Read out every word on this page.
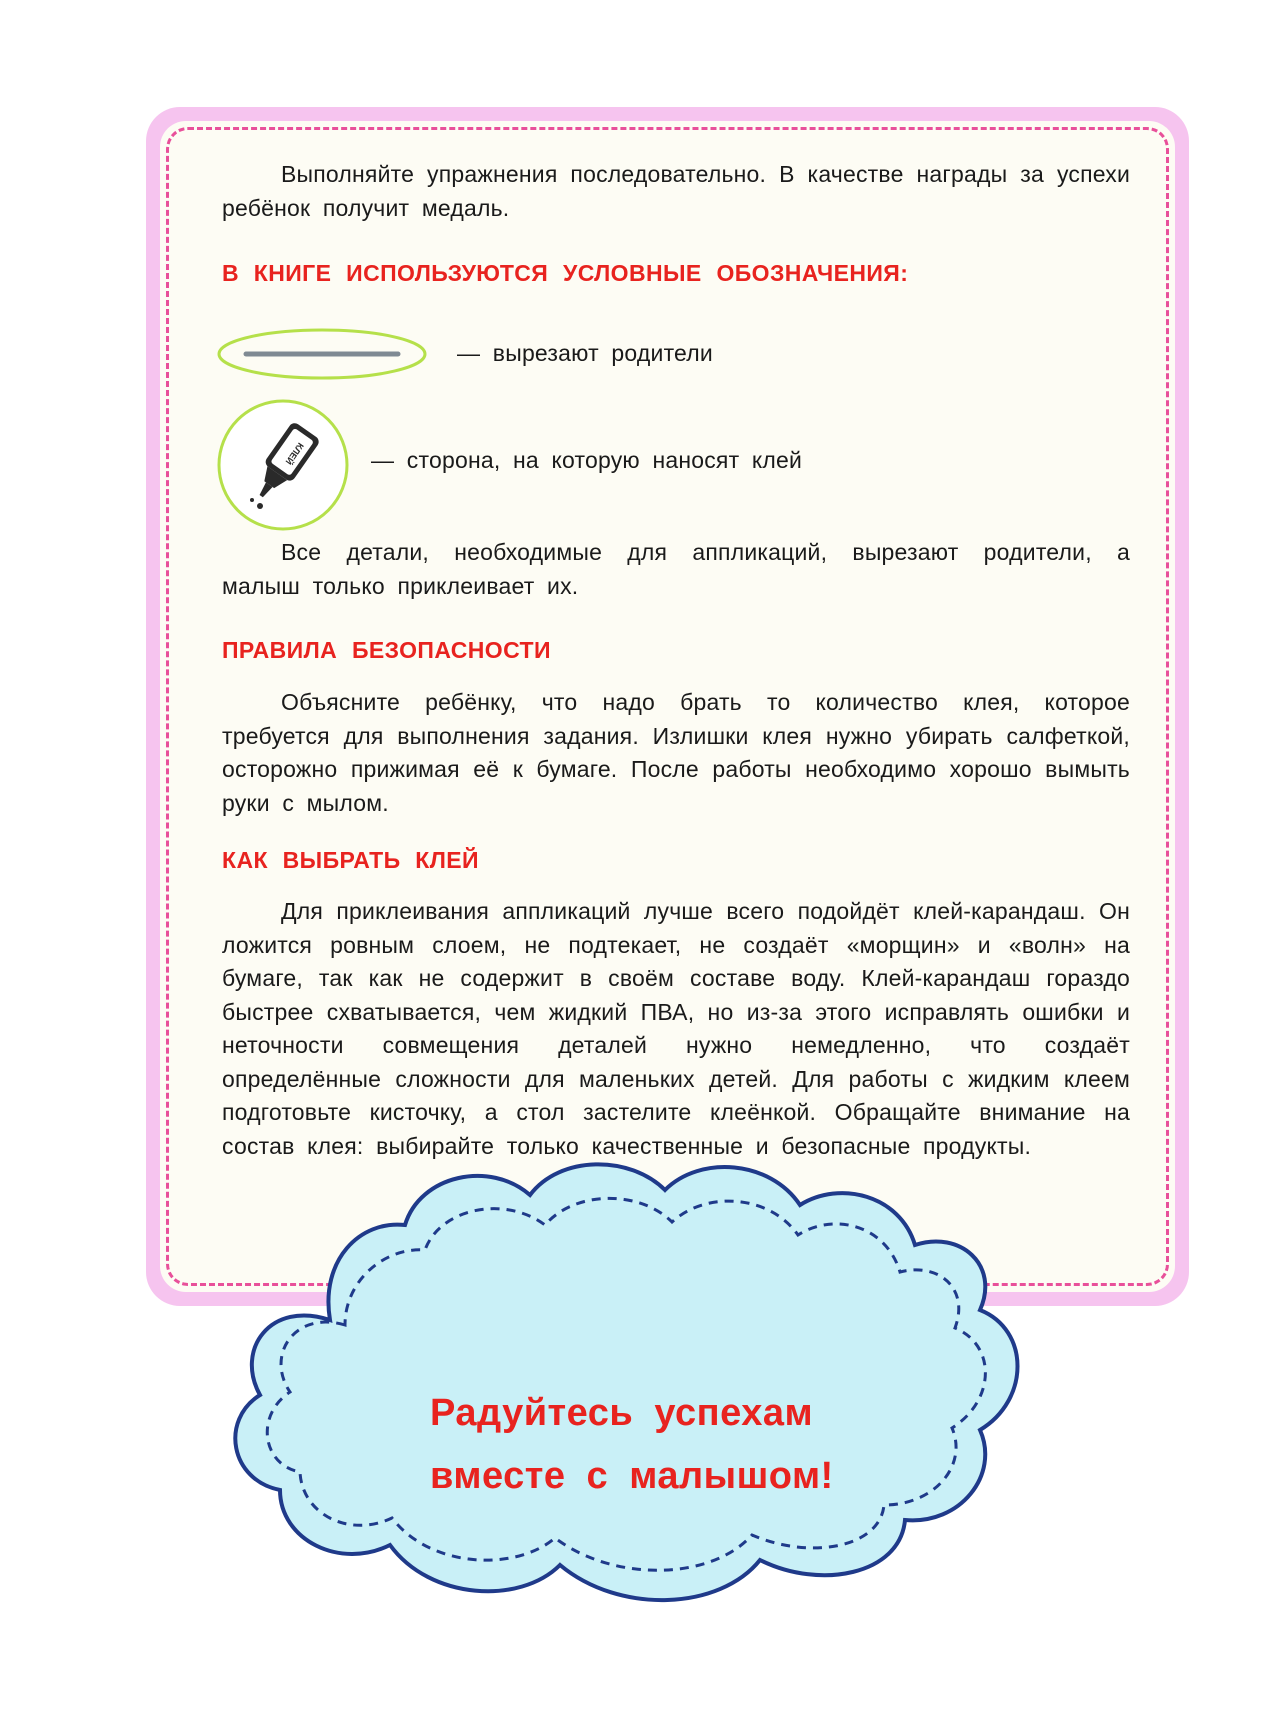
Выполняйте упражнения последовательно. В качестве награды за успехи ребёнок получит медаль.

В КНИГЕ ИСПОЛЬЗУЮТСЯ УСЛОВНЫЕ ОБОЗНАЧЕНИЯ:
— вырезают родители
КЛЕЙ	— сторона, на которую наносят клей

Все детали, необходимые для аппликаций, вырезают родители, а малыш только приклеивает их.

ПРАВИЛА БЕЗОПАСНОСТИ

Объясните ребёнку, что надо брать то количество клея, которое требуется для выполнения задания. Излишки клея нужно убирать салфеткой, осторожно прижимая её к бумаге. После работы необходимо хорошо вымыть руки с мылом.

КАК ВЫБРАТЬ КЛЕЙ

Для приклеивания аппликаций лучше всего подойдёт клей-карандаш. Он ложится ровным слоем, не подтекает, не создаёт «морщин» и «волн» на бумаге, так как не содержит в своём составе воду. Клей-карандаш гораздо быстрее схватывается, чем жидкий ПВА, но из-за этого исправлять ошибки и неточности совмещения деталей нужно немедленно, что создаёт определённые сложности для маленьких детей. Для работы с жидким клеем подготовьте кисточку, а стол застелите клеёнкой. Обращайте внимание на состав клея: выбирайте только качественные и безопасные продукты.

Радуйтесь успехам
вместе с малышом!
